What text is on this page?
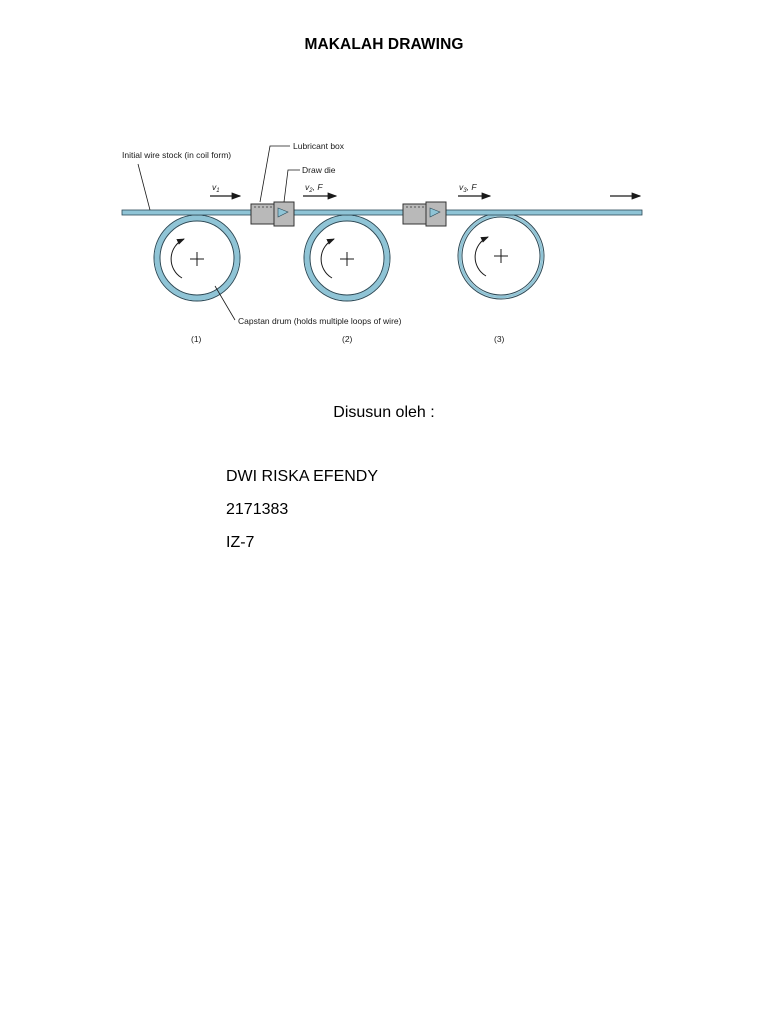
MAKALAH DRAWING
Initial wire stock (in coil form)
Lubricant box
Draw die
Capstan drum (holds multiple loops of wire)
$v_1$	$v_2$, F	$v_3$, F
(1)	(2)	(3)
Disusun oleh :
DWI RISKA EFENDY
2171383
IZ-7
